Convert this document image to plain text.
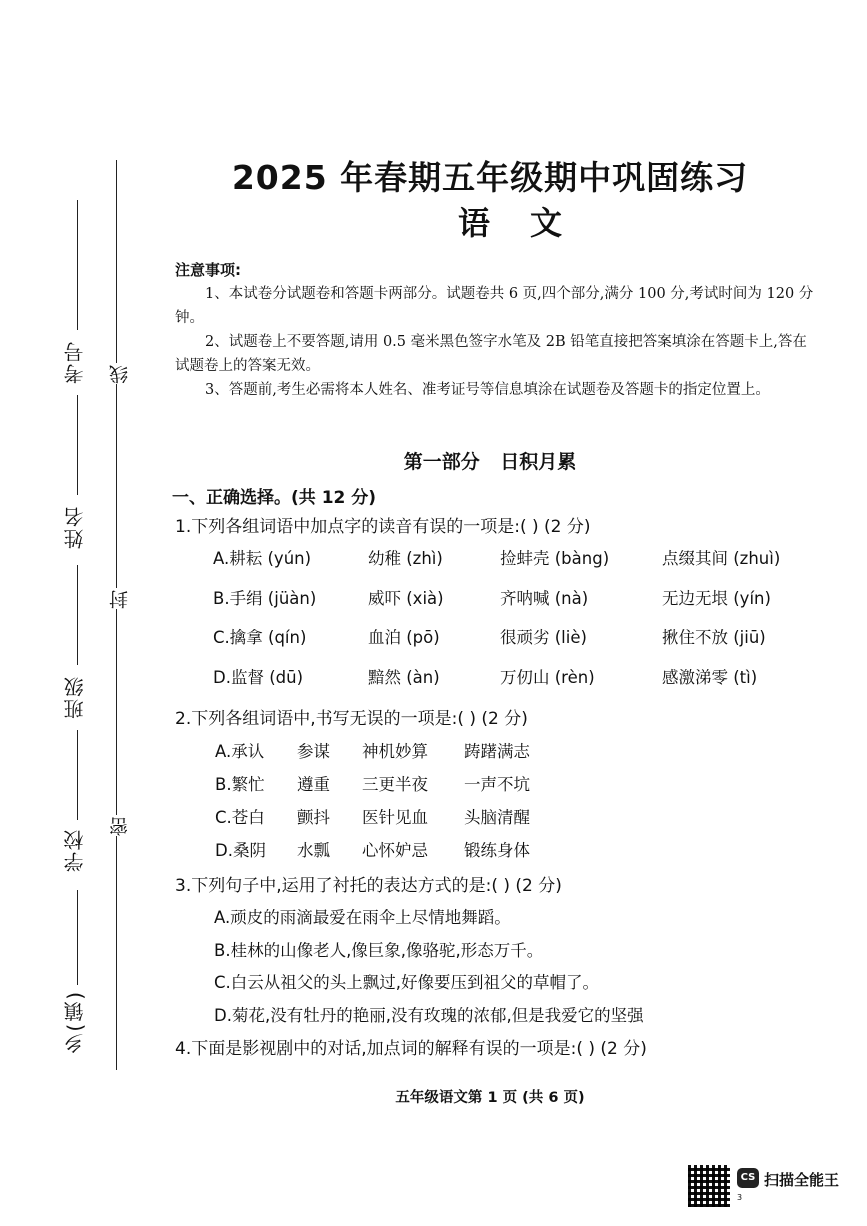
线
封
密
考号
姓名
班级
学校
乡(镇)
2025 年春期五年级期中巩固练习
语文
注意事项:

1、本试卷分试题卷和答题卡两部分。试题卷共 6 页,四个部分,满分 100 分,考试时间为 120 分钟。

2、试题卷上不要答题,请用 0.5 毫米黑色签字水笔及 2B 铅笔直接把答案填涂在答题卡上,答在试题卷上的答案无效。

3、答题前,考生必需将本人姓名、准考证号等信息填涂在试题卷及答题卡的指定位置上。

第一部分 日积月累
一、正确选择。(共 12 分)
1.下列各组词语中加点字的读音有误的一项是:( ) (2 分)
A.耕耘 (yún)	幼稚 (zhì)	捡蚌壳 (bàng)	点缀其间 (zhuì)
B.手绢 (jüàn)	威吓 (xià)	齐呐喊 (nà)	无边无垠 (yín)
C.擒拿 (qín)	血泊 (pō)	很顽劣 (liè)	揪住不放 (jiū)
D.监督 (dū)	黯然 (àn)	万仞山 (rèn)	感激涕零 (tì)
2.下列各组词语中,书写无误的一项是:( ) (2 分)
A.承认 参谋 神机妙算 踌躇满志
B.繁忙 遵重 三更半夜 一声不坑
C.苍白 颤抖 医针见血 头脑清醒
D.桑阴 水瓢 心怀妒忌 锻练身体
3.下列句子中,运用了衬托的表达方式的是:( ) (2 分)
A.顽皮的雨滴最爱在雨伞上尽情地舞蹈。
B.桂林的山像老人,像巨象,像骆驼,形态万千。
C.白云从祖父的头上飘过,好像要压到祖父的草帽了。
D.菊花,没有牡丹的艳丽,没有玫瑰的浓郁,但是我爱它的坚强
4.下面是影视剧中的对话,加点词的解释有误的一项是:( ) (2 分)
五年级语文第 1 页 (共 6 页)
CS 扫描全能王
3
